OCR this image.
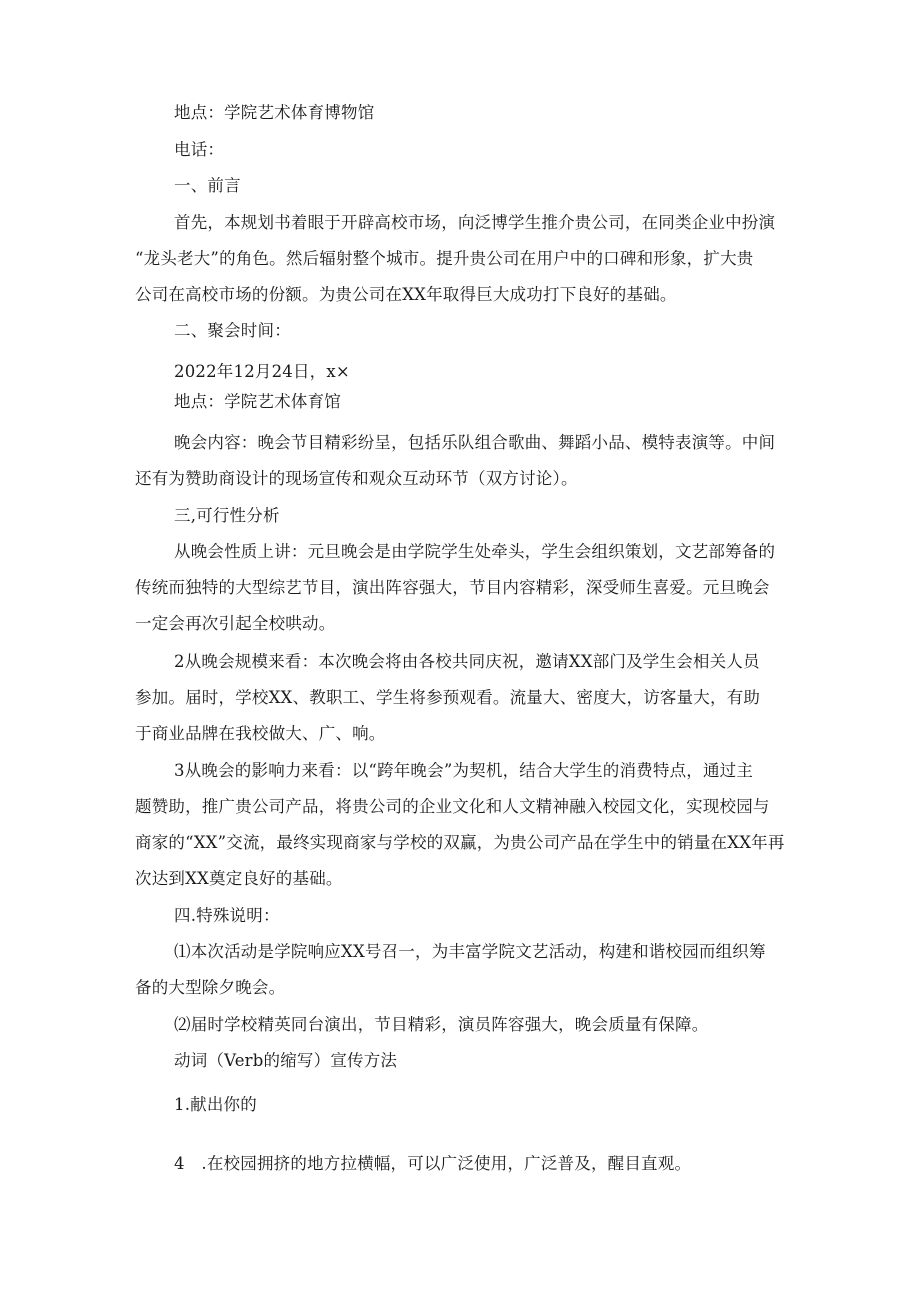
地点：学院艺术体育博物馆

电话：

一、前言

首先，本规划书着眼于开辟高校市场，向泛博学生推介贵公司，在同类企业中扮演

“龙头老大”的角色。然后辐射整个城市。提升贵公司在用户中的口碑和形象，扩大贵

公司在高校市场的份额。为贵公司在XX年取得巨大成功打下良好的基础。

二、聚会时间：

2022年12月24日，x×

地点：学院艺术体育馆

晚会内容：晚会节目精彩纷呈，包括乐队组合歌曲、舞蹈小品、模特表演等。中间

还有为赞助商设计的现场宣传和观众互动环节（双方讨论）。

三,可行性分析

从晚会性质上讲：元旦晚会是由学院学生处牵头，学生会组织策划，文艺部筹备的

传统而独特的大型综艺节目，演出阵容强大，节目内容精彩，深受师生喜爱。元旦晚会

一定会再次引起全校哄动。

2从晚会规模来看：本次晚会将由各校共同庆祝，邀请XX部门及学生会相关人员

参加。届时，学校XX、教职工、学生将参预观看。流量大、密度大，访客量大，有助

于商业品牌在我校做大、广、响。

3从晚会的影响力来看：以“跨年晚会”为契机，结合大学生的消费特点，通过主

题赞助，推广贵公司产品，将贵公司的企业文化和人文精神融入校园文化，实现校园与

商家的“XX”交流，最终实现商家与学校的双赢，为贵公司产品在学生中的销量在XX年再

次达到XX奠定良好的基础。

四.特殊说明：

⑴本次活动是学院响应XX号召一，为丰富学院文艺活动，构建和谐校园而组织筹

备的大型除夕晚会。

⑵届时学校精英同台演出，节目精彩，演员阵容强大，晚会质量有保障。

动词（Verb的缩写）宣传方法

1.献出你的

4　.在校园拥挤的地方拉横幅，可以广泛使用，广泛普及，醒目直观。
